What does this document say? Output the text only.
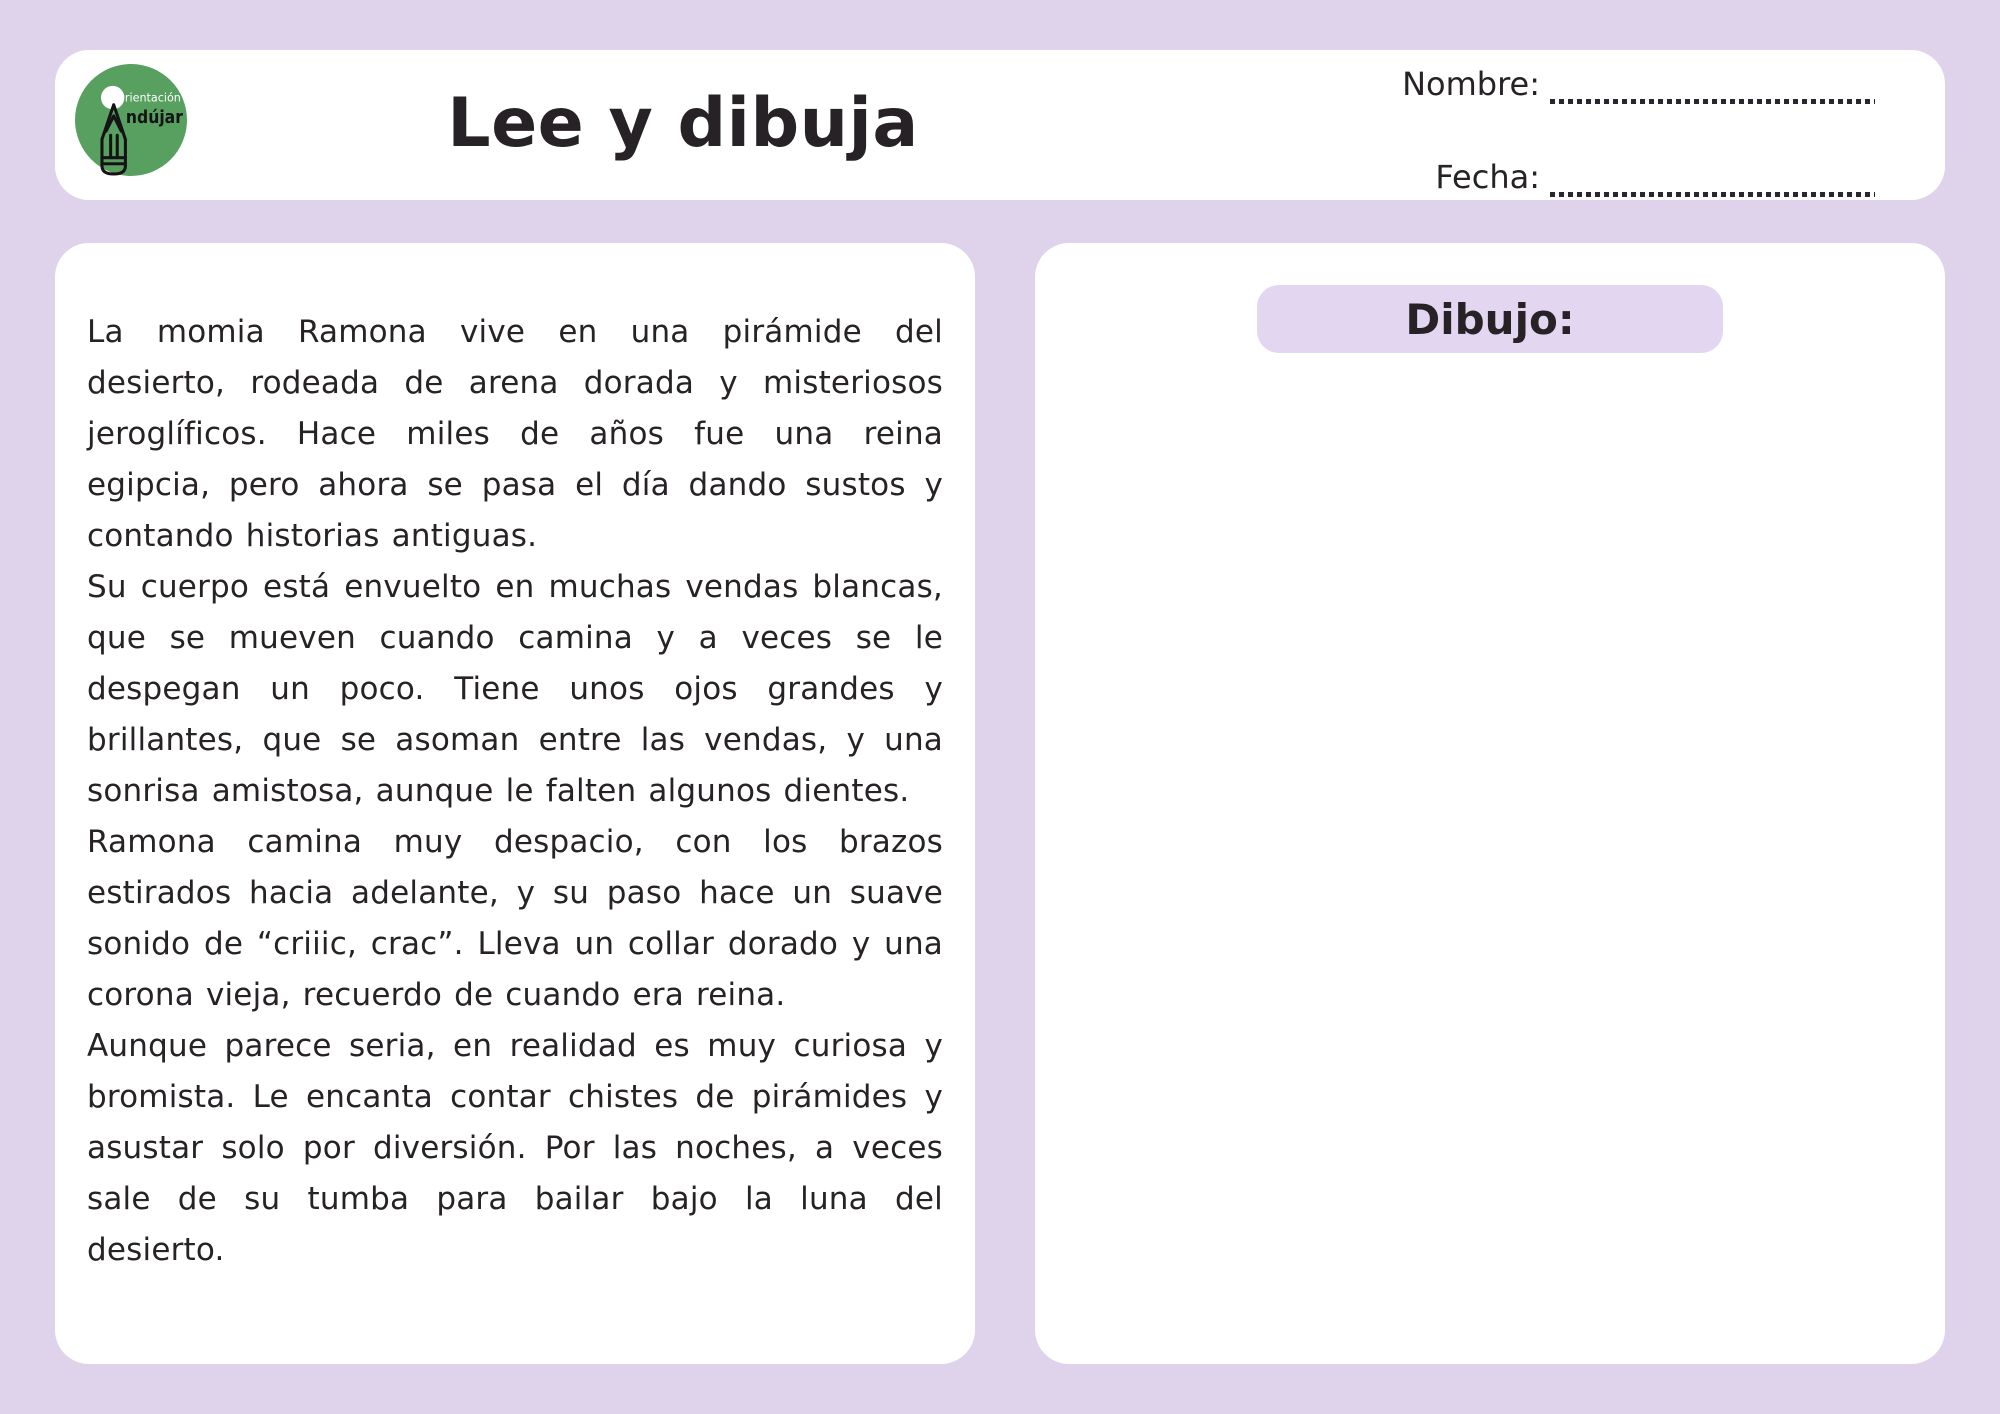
rientación
ndújar	Lee y dibuja	Nombre:
Fecha:

La momia Ramona vive en una pirámide del desierto, rodeada de arena dorada y misteriosos jeroglíficos. Hace miles de años fue una reina egipcia, pero ahora se pasa el día dando sustos y contando historias antiguas.

Su cuerpo está envuelto en muchas vendas blancas, que se mueven cuando camina y a veces se le despegan un poco. Tiene unos ojos grandes y brillantes, que se asoman entre las vendas, y una sonrisa amistosa, aunque le falten algunos dientes.

Ramona camina muy despacio, con los brazos estirados hacia adelante, y su paso hace un suave sonido de “criiic, crac”. Lleva un collar dorado y una corona vieja, recuerdo de cuando era reina.

Aunque parece seria, en realidad es muy curiosa y bromista. Le encanta contar chistes de pirámides y asustar solo por diversión. Por las noches, a veces sale de su tumba para bailar bajo la luna del desierto.

Dibujo:
